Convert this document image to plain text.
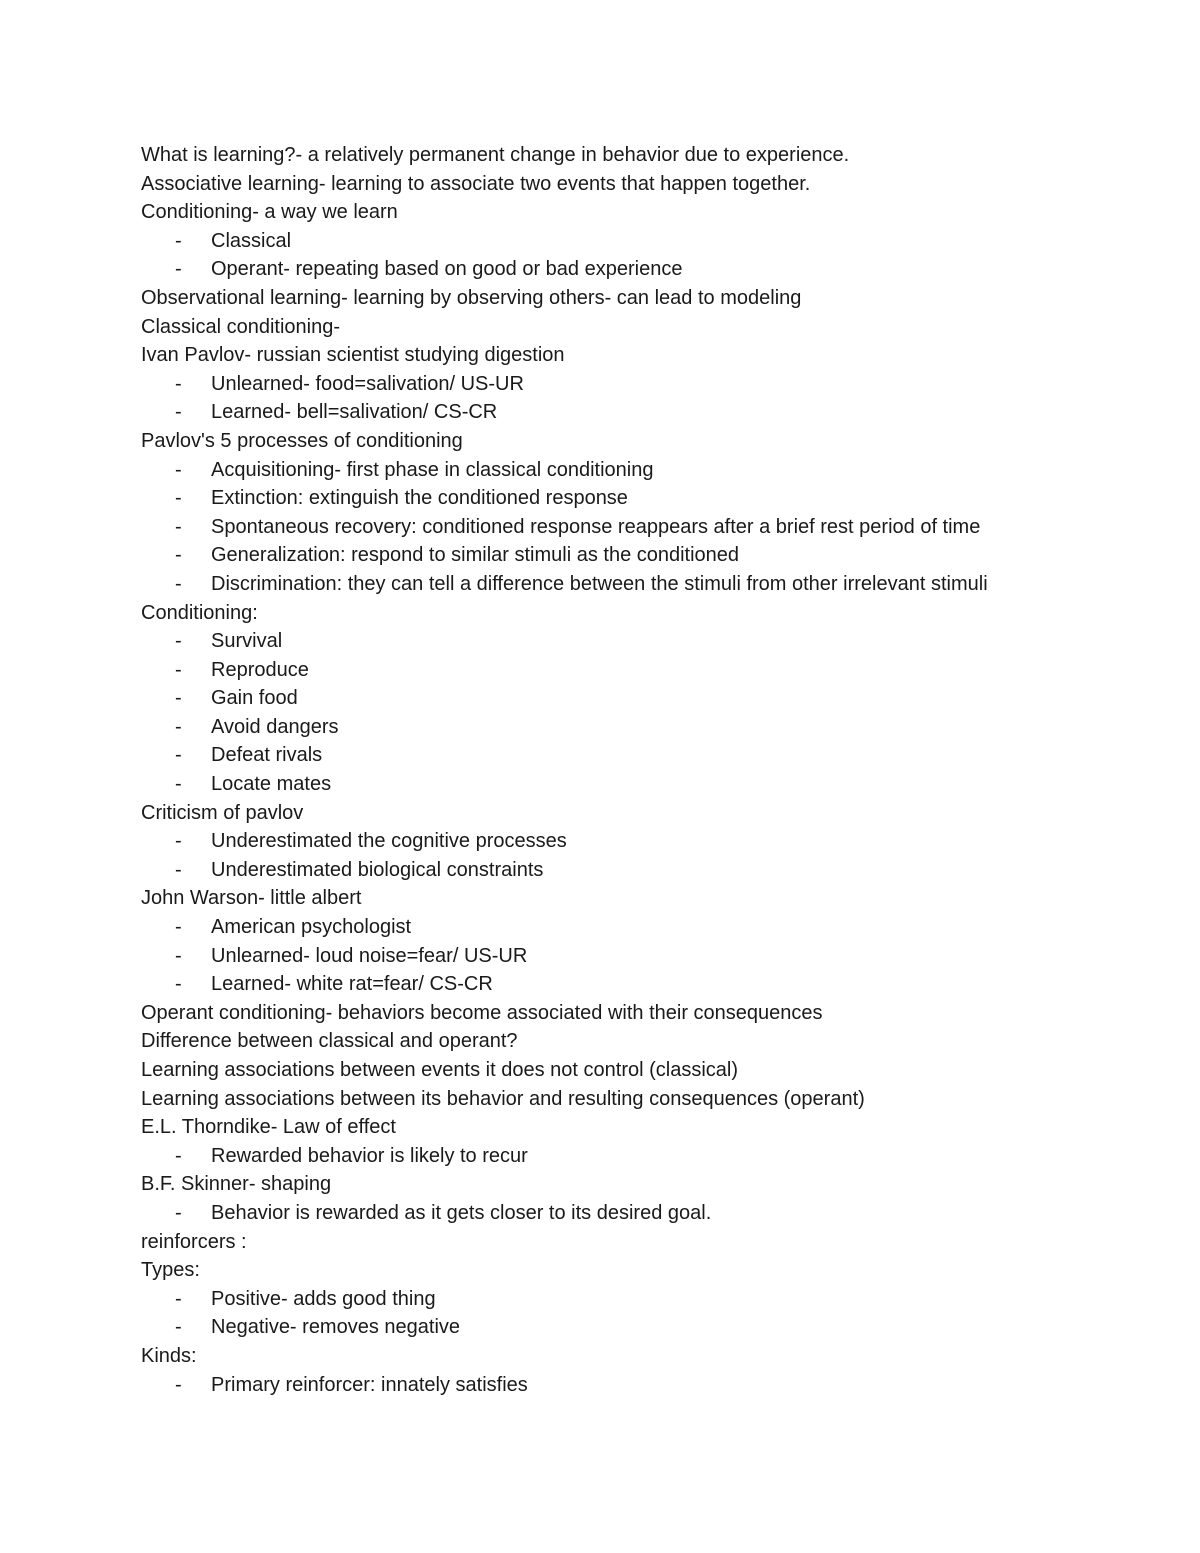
What is learning?- a relatively permanent change in behavior due to experience.
Associative learning- learning to associate two events that happen together.
Conditioning- a way we learn
- Classical
- Operant- repeating based on good or bad experience
Observational learning- learning by observing others- can lead to modeling
Classical conditioning-
Ivan Pavlov- russian scientist studying digestion
- Unlearned- food=salivation/ US-UR
- Learned- bell=salivation/ CS-CR
Pavlov's 5 processes of conditioning
- Acquisitioning- first phase in classical conditioning
- Extinction: extinguish the conditioned response
- Spontaneous recovery: conditioned response reappears after a brief rest period of time
- Generalization: respond to similar stimuli as the conditioned
- Discrimination: they can tell a difference between the stimuli from other irrelevant stimuli
Conditioning:
- Survival
- Reproduce
- Gain food
- Avoid dangers
- Defeat rivals
- Locate mates
Criticism of pavlov
- Underestimated the cognitive processes
- Underestimated biological constraints
John Warson- little albert
- American psychologist
- Unlearned- loud noise=fear/ US-UR
- Learned- white rat=fear/ CS-CR
Operant conditioning- behaviors become associated with their consequences
Difference between classical and operant?
Learning associations between events it does not control (classical)
Learning associations between its behavior and resulting consequences (operant)
E.L. Thorndike- Law of effect
- Rewarded behavior is likely to recur
B.F. Skinner- shaping
- Behavior is rewarded as it gets closer to its desired goal.
reinforcers :
Types:
- Positive- adds good thing
- Negative- removes negative
Kinds:
- Primary reinforcer: innately satisfies
